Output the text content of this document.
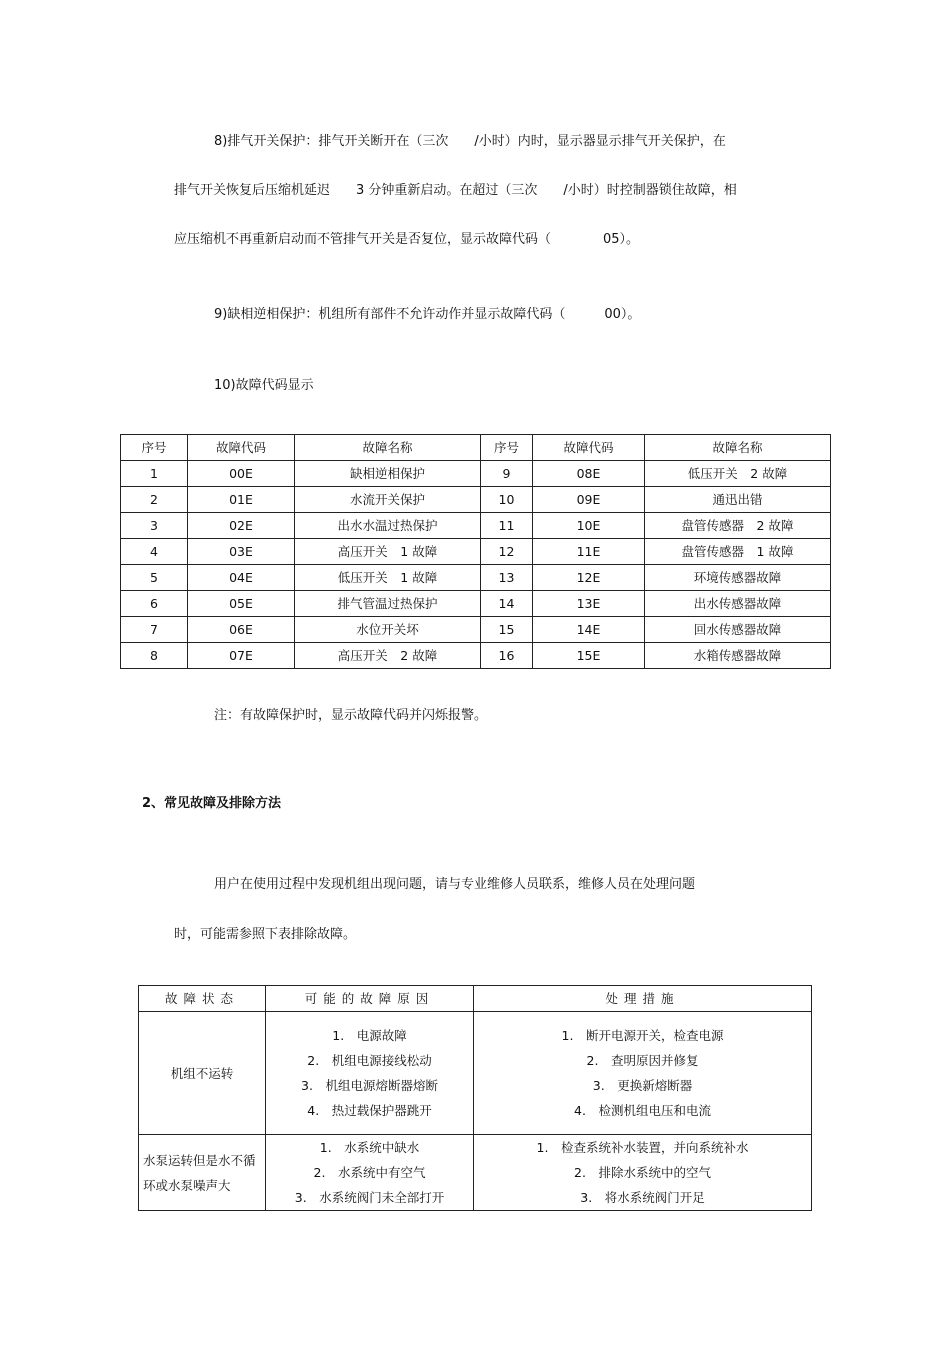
8)排气开关保护：排气开关断开在（三次　　/小时）内时，显示器显示排气开关保护，在
排气开关恢复后压缩机延迟　　3 分钟重新启动。在超过（三次　　/小时）时控制器锁住故障，相
应压缩机不再重新启动而不管排气开关是否复位，显示故障代码（　　　　05）。
9)缺相逆相保护：机组所有部件不允许动作并显示故障代码（　　　00）。
10)故障代码显示
序号	故障代码	故障名称	序号	故障代码	故障名称
1	00E	缺相逆相保护	9	08E	低压开关　2 故障
2	01E	水流开关保护	10	09E	通迅出错
3	02E	出水水温过热保护	11	10E	盘管传感器　2 故障
4	03E	高压开关　1 故障	12	11E	盘管传感器　1 故障
5	04E	低压开关　1 故障	13	12E	环境传感器故障
6	05E	排气管温过热保护	14	13E	出水传感器故障
7	06E	水位开关坏	15	14E	回水传感器故障
8	07E	高压开关　2 故障	16	15E	水箱传感器故障
注：有故障保护时，显示故障代码并闪烁报警。
2、常见故障及排除方法
用户在使用过程中发现机组出现问题，请与专业维修人员联系，维修人员在处理问题
时，可能需参照下表排除故障。
故障状态	可能的故障原因	处理措施
机组不运转	1.　电源故障
2.　机组电源接线松动
3.　机组电源熔断器熔断
4.　热过载保护器跳开	1.　断开电源开关，检查电源
2.　查明原因并修复
3.　更换新熔断器
4.　检测机组电压和电流

水泵运转但是水不循环或水泵噪声大	1.　水系统中缺水
2.　水系统中有空气
3.　水系统阀门未全部打开	1.　检查系统补水装置，并向系统补水
2.　排除水系统中的空气
3.　将水系统阀门开足
